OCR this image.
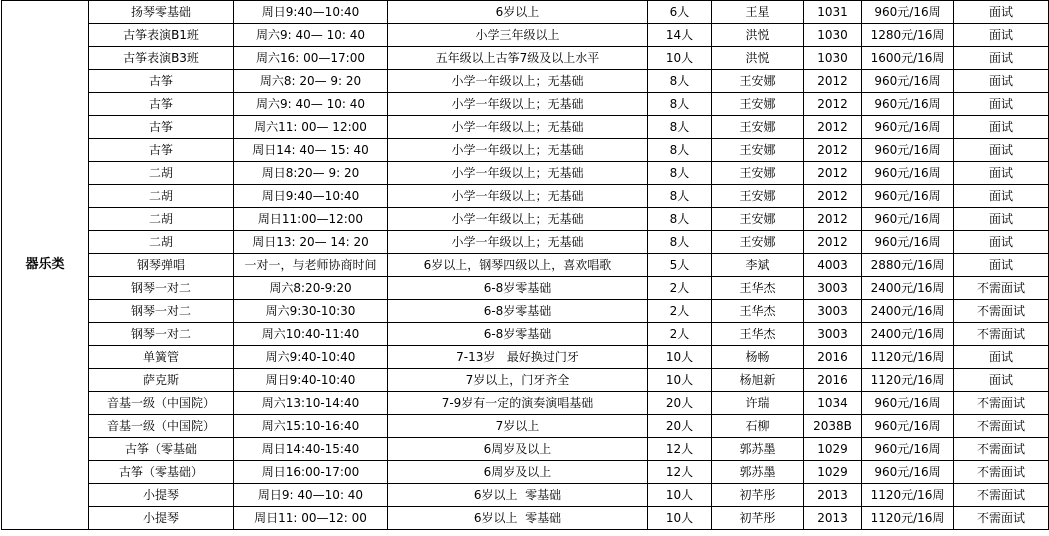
器乐类	扬琴零基础	周日9:40—10:40	6岁以上	6人	王星	1031	960元/16周	面试
	古筝表演B1班	周六9: 40— 10: 40	小学三年级以上	14人	洪悦	1030	1280元/16周	面试
	古筝表演B3班	周六16: 00—17:00	五年级以上古筝7级及以上水平	10人	洪悦	1030	1600元/16周	面试
	古筝	周六8: 20— 9: 20	小学一年级以上；无基础	8人	王安娜	2012	960元/16周	面试
	古筝	周六9: 40— 10: 40	小学一年级以上；无基础	8人	王安娜	2012	960元/16周	面试
	古筝	周六11: 00— 12:00	小学一年级以上；无基础	8人	王安娜	2012	960元/16周	面试
	古筝	周日14: 40— 15: 40	小学一年级以上；无基础	8人	王安娜	2012	960元/16周	面试
	二胡	周日8:20— 9: 20	小学一年级以上；无基础	8人	王安娜	2012	960元/16周	面试
	二胡	周日9:40—10:40	小学一年级以上；无基础	8人	王安娜	2012	960元/16周	面试
	二胡	周日11:00—12:00	小学一年级以上；无基础	8人	王安娜	2012	960元/16周	面试
	二胡	周日13: 20— 14: 20	小学一年级以上；无基础	8人	王安娜	2012	960元/16周	面试
	钢琴弹唱	一对一，与老师协商时间	6岁以上，钢琴四级以上，喜欢唱歌	5人	李斌	4003	2880元/16周	面试
	钢琴一对二	周六8:20-9:20	6-8岁零基础	2人	王华杰	3003	2400元/16周	不需面试
	钢琴一对二	周六9:30-10:30	6-8岁零基础	2人	王华杰	3003	2400元/16周	不需面试
	钢琴一对二	周六10:40-11:40	6-8岁零基础	2人	王华杰	3003	2400元/16周	不需面试
	单簧管	周六9:40-10:40	7-13岁   最好换过门牙	10人	杨畅	2016	1120元/16周	面试
	萨克斯	周日9:40-10:40	7岁以上，门牙齐全	10人	杨旭新	2016	1120元/16周	面试
	音基一级（中国院）	周六13:10-14:40	7-9岁有一定的演奏演唱基础	20人	许瑞	1034	960元/16周	不需面试
	音基一级（中国院）	周六15:10-16:40	7岁以上	20人	石柳	2038B	960元/16周	不需面试
	古筝（零基础	周日14:40-15:40	6周岁及以上	12人	郭苏墨	1029	960元/16周	不需面试
	古筝（零基础）	周日16:00-17:00	6周岁及以上	12人	郭苏墨	1029	960元/16周	不需面试
	小提琴	周日9: 40—10: 40	6岁以上  零基础	10人	初芊彤	2013	1120元/16周	不需面试
	小提琴	周日11: 00—12: 00	6岁以上  零基础	10人	初芊彤	2013	1120元/16周	不需面试
